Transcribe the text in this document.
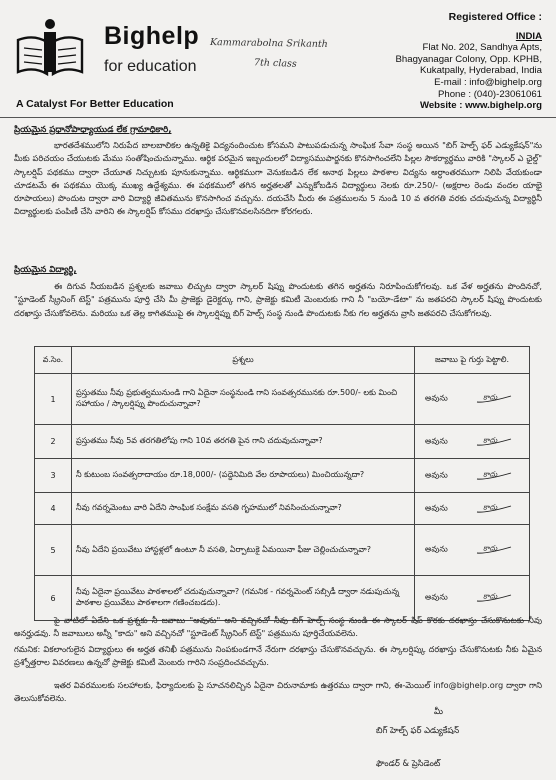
Bighelp
for education
A Catalyst For Better Education
Kammarabolna Srikanth
7th class
Registered Office :
INDIA
Flat No. 202, Sandhya Apts,
Bhagyanagar Colony, Opp. KPHB,
Kukatpally, Hyderabad, India
E-mail : info@bighelp.org
Phone : (040)-23061061
Website : www.bighelp.org
ప్రియమైన ప్రధానోపాధ్యాయుడ లేక గ్రామాధికారి,
భారతదేశములోని నిరుపేద బాలబాలికల ఉన్నతికై విద్యనందించుట కోసమని పాటుపడుచున్న సాంఘిక సేవా సంస్థ అయిన "బిగ్ హెల్ప్ ఫర్ ఎడ్యుకేషన్"ను మీకు పరిచయం చేయుటకు మేము సంతోషించుచున్నాము. ఆర్థిక పరమైన ఇబ్బందులలో విద్యాసముపార్జనకు కొనసాగించలేని పిల్లల సౌకర్యార్థము వారికి "స్కాలర్ ఎ ఛైల్డ్" స్కాలర్షిప్ పథకము ద్వారా చేయూత నిచ్చుటకు పూనుకున్నాము. ఆర్థికముగా వెనుకబడిన లేక అనాథ పిల్లలు పాఠశాల విద్యను అర్ధాంతరముగా నిలిపి వేయకుండా చూడటమే ఈ పథకము యొక్క ముఖ్య ఉద్దేశ్యము. ఈ పథకములో తగిన అర్హతలతో ఎన్నుకోబడిన విద్యార్థులు నెలకు రూ.250/- (అక్షరాల రెండు వందల యాభై రూపాయలు) పొందుట ద్వారా వారి విద్యార్థి జీవితమును కొనసాగించ వచ్చును. దయచేసి మీరు ఈ పత్రములను 5 నుండి 10 వ తరగతి వరకు చదువుచున్న విద్యార్థినీ విద్యార్థులకు పంపిణీ చేసి వారిని ఈ స్కాలర్షిప్ కోసము దరఖాస్తు చేసుకొనవలసినదిగా కోరగలరు.
ప్రియమైన విద్యార్థి,
ఈ దిగువ నీయబడిన ప్రశ్నలకు జవాబు లిచ్చుట ద్వారా స్కాలర్ షిప్ను పొందుటకు తగిన అర్హతను నిరూపించుకోగలవు. ఒక వేళ అర్హతను పొందినచో, "స్టూడెంట్ స్క్రీనింగ్ టెస్ట్" పత్రమును పూర్తి చేసి మీ ప్రాజెక్టు డైరెక్టర్కు గాని, ప్రాజెక్టు కమిటీ మెంబరుకు గాని నీ "బయో-డేటా" ను జతపరచి స్కాలర్ షిప్ను పొందుటకు దరఖాస్తు చేసుకోవలెను. మరియు ఒక తెల్ల కాగితముపై ఈ స్కాలర్షిప్ను బిగ్ హెల్ప్ సంస్థ నుండి పొందుటకు నీకు గల అర్హతను వ్రాసి జతపరచి చేసుకోగలవు.
వ.సెం.	ప్రశ్నలు	జవాబు పై గుర్తు పెట్టాలి.
1	ప్రస్తుతము నీవు ప్రభుత్వమునుండి గాని ఏదైనా సంస్థనుండి గాని సంవత్సరమునకు రూ.500/- లకు మించి సహాయం / స్కాలర్షిప్ను పొందుచున్నావా?	అవును కాదు

2	ప్రస్తుతము నీవు 5వ తరగతిలోపు గాని 10వ తరగతి పైన గాని చదువుచున్నావా?	అవును కాదు

3	నీ కుటుంబ సంవత్సరాదాయం రూ.18,000/- (పద్దెనిమిది వేల రూపాయలు) మించియున్నదా?	అవును కాదు

4	నీవు గవర్నమెంటు వారి ఏదేని సాంఘిక సంక్షేమ వసతి గృహములో నివసించుచున్నావా?	అవును కాదు

5	నీవు ఏదేని ప్రయివేటు హాస్టళ్లలో ఉంటూ నీ వసతి, ఏర్పాటుకై ఏమయినా ఫీజు చెల్లించుచున్నావా?	అవును కాదు

6	నీవు ఏదైనా ప్రయివేటు పాఠశాలలో చదువుచున్నావా? (గమనిక - గవర్నమెంట్ సబ్సిడీ ద్వారా నడుపుచున్న పాఠశాల ప్రయివేటు పాఠశాలగా గణించబడదు).	అవును కాదు
పై వాటిలో ఏదేని ఒక ప్రశ్నకు నీ జవాబు "అవును" అని వచ్చినచో నీవు బిగ్ హెల్ప్ సంస్థ నుండి ఈ స్కాలర్ షిప్ కొరకు దరఖాస్తు చేసుకొనుటకు నీవు అనర్హుడవు. నీ జవాబులు అన్నీ "కాదు" అని వచ్చినచో "స్టూడెంట్ స్క్రీనింగ్ టెస్ట్" పత్రమును పూర్తిచేయవలెను.
గమనిక: వికలాంగులైన విద్యార్థులు ఈ అర్హత తనిఖీ పత్రమును నింపకుండగానే నేరుగా దరఖాస్తు చేసుకొనవచ్చును. ఈ స్కాలర్షిప్కు దరఖాస్తు చేసుకొనుటకు నీకు ఏమైన ప్రశ్నోత్తరాల వివరణలు ఉన్నచో ప్రాజెక్టు కమిటీ మెంబరు గారిని సంప్రదించవచ్చును.
ఇతర వివరములకు సలహాలకు, ఫిర్యాదులకు పై సూచనలిచ్చిన ఏదైనా చిరునామాకు ఉత్తరము ద్వారా గాని, ఈ-మెయిల్ info@bighelp.org ద్వారా గాని తెలుసుకోవలెను.
మీ
బిగ్ హెల్ప్ ఫర్ ఎడ్యుకేషన్
ఫౌండర్ & ప్రెసిడెంట్
